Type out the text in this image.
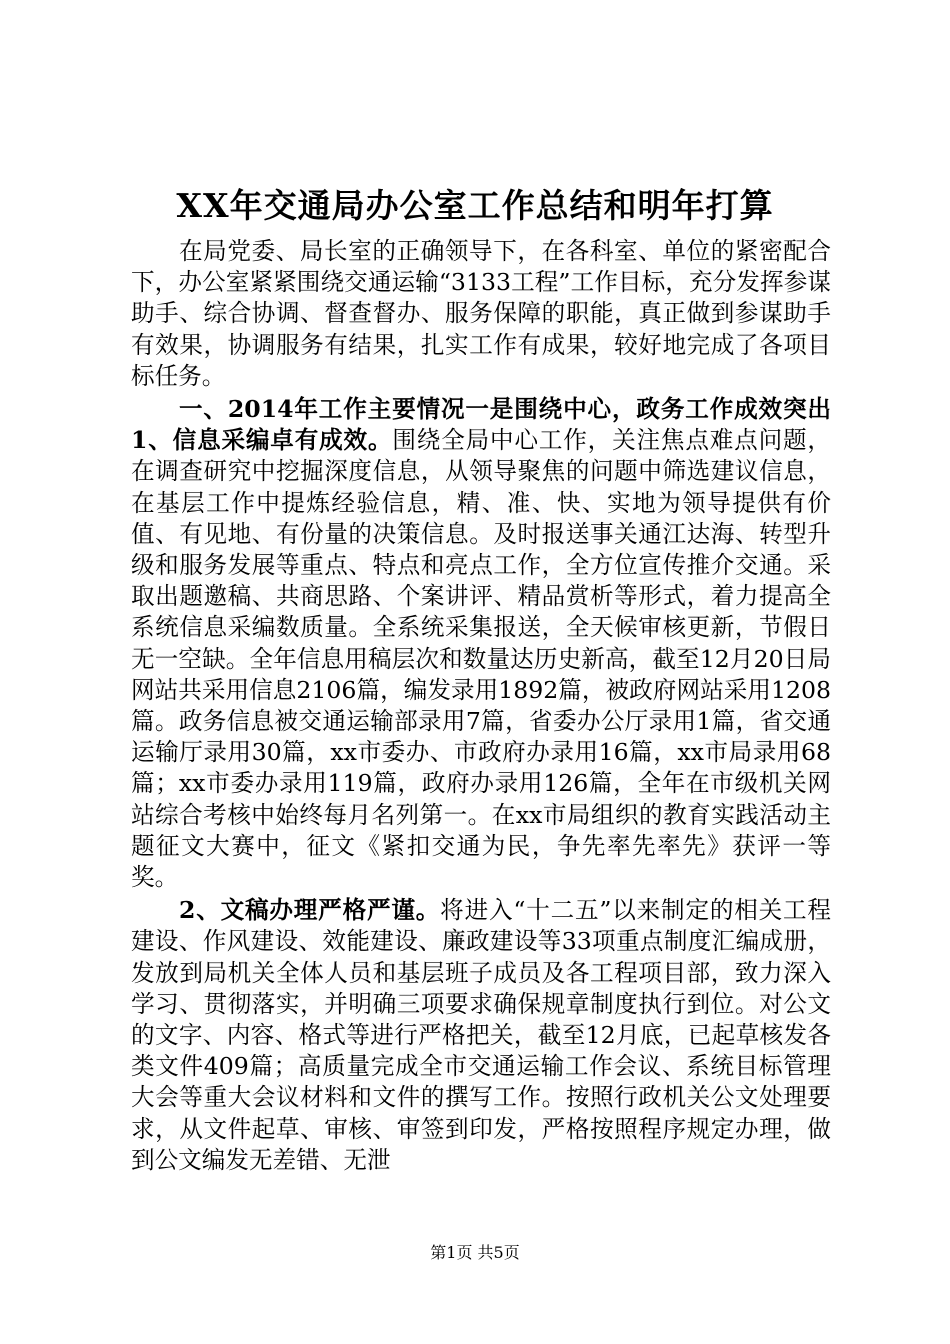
XX年交通局办公室工作总结和明年打算

在局党委、局长室的正确领导下，在各科室、单位的紧密配合下，办公室紧紧围绕交通运输“3133工程”工作目标，充分发挥参谋助手、综合协调、督查督办、服务保障的职能，真正做到参谋助手有效果，协调服务有结果，扎实工作有成果，较好地完成了各项目标任务。

一、2014年工作主要情况一是围绕中心，政务工作成效突出1、信息采编卓有成效。围绕全局中心工作，关注焦点难点问题，在调查研究中挖掘深度信息，从领导聚焦的问题中筛选建议信息，在基层工作中提炼经验信息，精、准、快、实地为领导提供有价值、有见地、有份量的决策信息。及时报送事关通江达海、转型升级和服务发展等重点、特点和亮点工作，全方位宣传推介交通。采取出题邀稿、共商思路、个案讲评、精品赏析等形式，着力提高全系统信息采编数质量。全系统采集报送，全天候审核更新，节假日无一空缺。全年信息用稿层次和数量达历史新高，截至12月20日局网站共采用信息2106篇，编发录用1892篇，被政府网站采用1208篇。政务信息被交通运输部录用7篇，省委办公厅录用1篇，省交通运输厅录用30篇，xx市委办、市政府办录用16篇，xx市局录用68篇；xx市委办录用119篇，政府办录用126篇，全年在市级机关网站综合考核中始终每月名列第一。在xx市局组织的教育实践活动主题征文大赛中，征文《紧扣交通为民，争先率先率先》获评一等奖。

2、文稿办理严格严谨。将进入“十二五”以来制定的相关工程建设、作风建设、效能建设、廉政建设等33项重点制度汇编成册，发放到局机关全体人员和基层班子成员及各工程项目部，致力深入学习、贯彻落实，并明确三项要求确保规章制度执行到位。对公文的文字、内容、格式等进行严格把关，截至12月底，已起草核发各类文件409篇；高质量完成全市交通运输工作会议、系统目标管理大会等重大会议材料和文件的撰写工作。按照行政机关公文处理要求，从文件起草、审核、审签到印发，严格按照程序规定办理，做到公文编发无差错、无泄

第1页 共5页
